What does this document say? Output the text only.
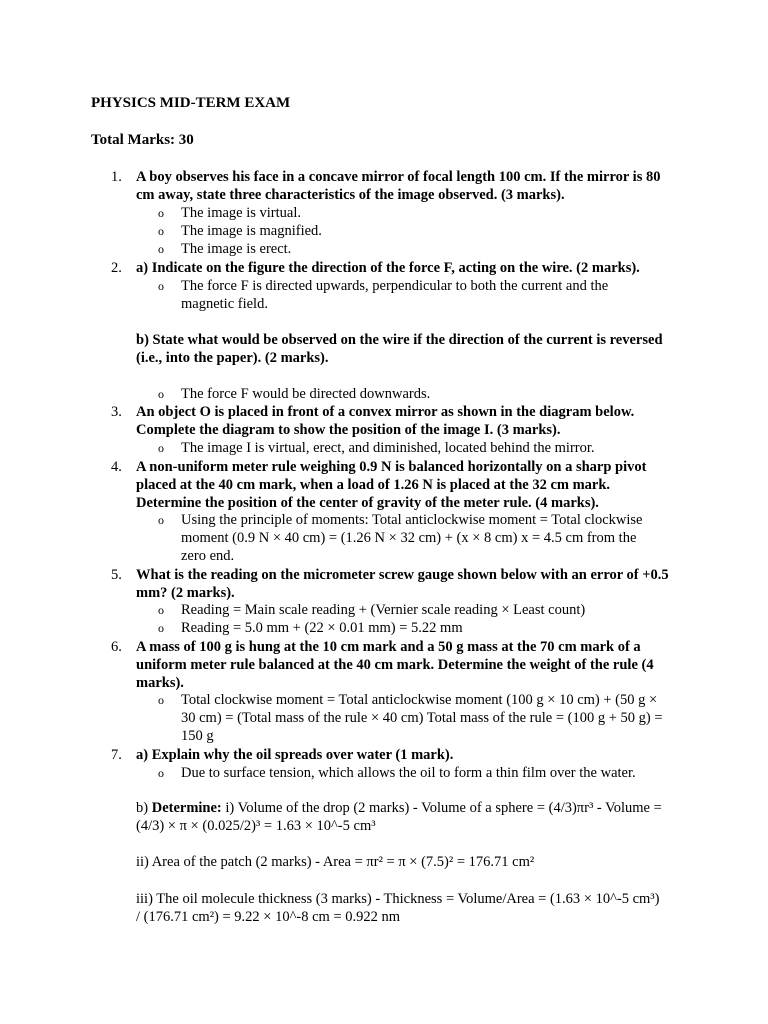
PHYSICS MID-TERM EXAM
Total Marks: 30
1. A boy observes his face in a concave mirror of focal length 100 cm. If the mirror is 80 cm away, state three characteristics of the image observed. (3 marks).
o The image is virtual.
o The image is magnified.
o The image is erect.
2. a) Indicate on the figure the direction of the force F, acting on the wire. (2 marks).
o The force F is directed upwards, perpendicular to both the current and the magnetic field.
b) State what would be observed on the wire if the direction of the current is reversed (i.e., into the paper). (2 marks).
o The force F would be directed downwards.
3. An object O is placed in front of a convex mirror as shown in the diagram below. Complete the diagram to show the position of the image I. (3 marks).
o The image I is virtual, erect, and diminished, located behind the mirror.
4. A non-uniform meter rule weighing 0.9 N is balanced horizontally on a sharp pivot placed at the 40 cm mark, when a load of 1.26 N is placed at the 32 cm mark. Determine the position of the center of gravity of the meter rule. (4 marks).
o Using the principle of moments: Total anticlockwise moment = Total clockwise moment (0.9 N × 40 cm) = (1.26 N × 32 cm) + (x × 8 cm) x = 4.5 cm from the zero end.
5. What is the reading on the micrometer screw gauge shown below with an error of +0.5 mm? (2 marks).
o Reading = Main scale reading + (Vernier scale reading × Least count)
o Reading = 5.0 mm + (22 × 0.01 mm) = 5.22 mm
6. A mass of 100 g is hung at the 10 cm mark and a 50 g mass at the 70 cm mark of a uniform meter rule balanced at the 40 cm mark. Determine the weight of the rule (4 marks).
o Total clockwise moment = Total anticlockwise moment (100 g × 10 cm) + (50 g × 30 cm) = (Total mass of the rule × 40 cm) Total mass of the rule = (100 g + 50 g) = 150 g
7. a) Explain why the oil spreads over water (1 mark).
o Due to surface tension, which allows the oil to form a thin film over the water.
b) Determine: i) Volume of the drop (2 marks) - Volume of a sphere = (4/3)πr³ - Volume = (4/3) × π × (0.025/2)³ = 1.63 × 10^-5 cm³
ii) Area of the patch (2 marks) - Area = πr² = π × (7.5)² = 176.71 cm²
iii) The oil molecule thickness (3 marks) - Thickness = Volume/Area = (1.63 × 10^-5 cm³) / (176.71 cm²) = 9.22 × 10^-8 cm = 0.922 nm
